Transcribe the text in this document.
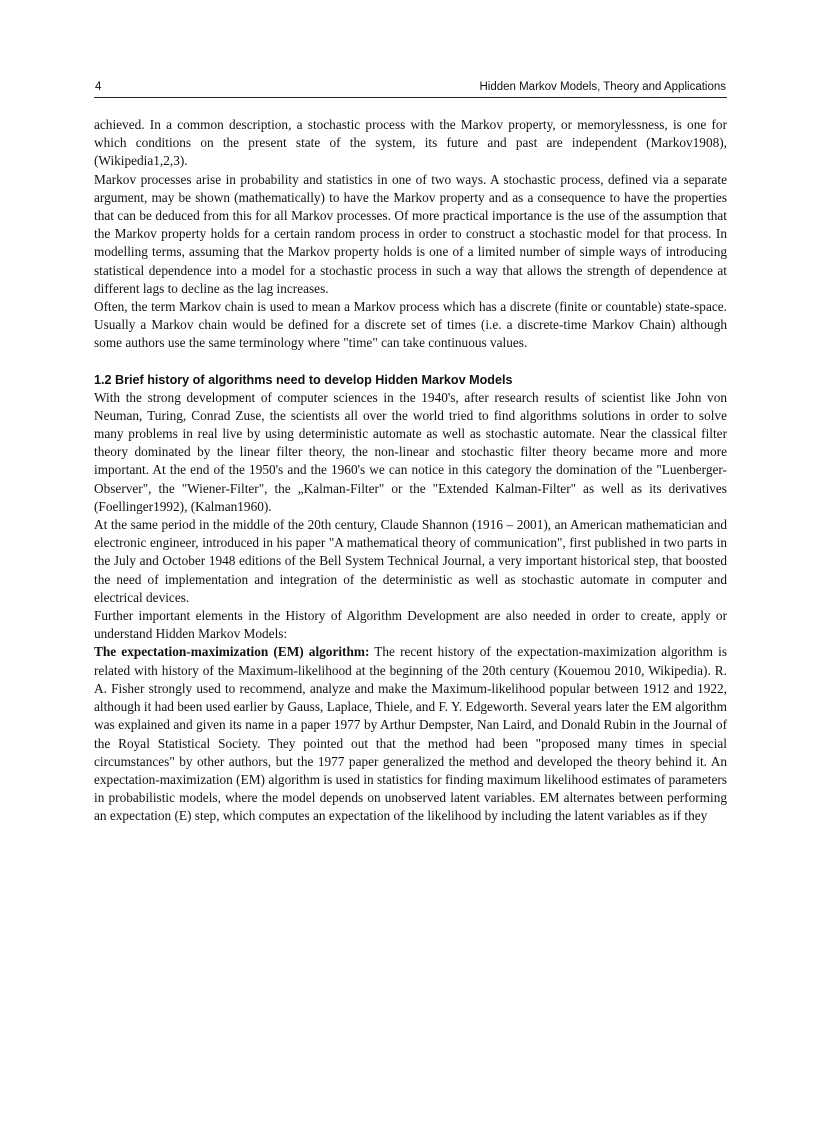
4	Hidden Markov Models, Theory and Applications

achieved. In a common description, a stochastic process with the Markov property, or memorylessness, is one for which conditions on the present state of the system, its future and past are independent (Markov1908),(Wikipedia1,2,3).

Markov processes arise in probability and statistics in one of two ways. A stochastic process, defined via a separate argument, may be shown (mathematically) to have the Markov property and as a consequence to have the properties that can be deduced from this for all Markov processes. Of more practical importance is the use of the assumption that the Markov property holds for a certain random process in order to construct a stochastic model for that process. In modelling terms, assuming that the Markov property holds is one of a limited number of simple ways of introducing statistical dependence into a model for a stochastic process in such a way that allows the strength of dependence at different lags to decline as the lag increases.

Often, the term Markov chain is used to mean a Markov process which has a discrete (finite or countable) state-space. Usually a Markov chain would be defined for a discrete set of times (i.e. a discrete-time Markov Chain) although some authors use the same terminology where "time" can take continuous values.

1.2 Brief history of algorithms need to develop Hidden Markov Models

With the strong development of computer sciences in the 1940's, after research results of scientist like John von Neuman, Turing, Conrad Zuse, the scientists all over the world tried to find algorithms solutions in order to solve many problems in real live by using deterministic automate as well as stochastic automate. Near the classical filter theory dominated by the linear filter theory, the non-linear and stochastic filter theory became more and more important. At the end of the 1950's and the 1960's we can notice in this category the domination of the "Luenberger-Observer", the "Wiener-Filter", the „Kalman-Filter" or the "Extended Kalman-Filter" as well as its derivatives (Foellinger1992), (Kalman1960).

At the same period in the middle of the 20th century, Claude Shannon (1916 – 2001), an American mathematician and electronic engineer, introduced in his paper "A mathematical theory of communication", first published in two parts in the July and October 1948 editions of the Bell System Technical Journal, a very important historical step, that boosted the need of implementation and integration of the deterministic as well as stochastic automate in computer and electrical devices.

Further important elements in the History of Algorithm Development are also needed in order to create, apply or understand Hidden Markov Models:

The expectation-maximization (EM) algorithm: The recent history of the expectation-maximization algorithm is related with history of the Maximum-likelihood at the beginning of the 20th century (Kouemou 2010, Wikipedia). R. A. Fisher strongly used to recommend, analyze and make the Maximum-likelihood popular between 1912 and 1922, although it had been used earlier by Gauss, Laplace, Thiele, and F. Y. Edgeworth. Several years later the EM algorithm was explained and given its name in a paper 1977 by Arthur Dempster, Nan Laird, and Donald Rubin in the Journal of the Royal Statistical Society. They pointed out that the method had been "proposed many times in special circumstances" by other authors, but the 1977 paper generalized the method and developed the theory behind it. An expectation-maximization (EM) algorithm is used in statistics for finding maximum likelihood estimates of parameters in probabilistic models, where the model depends on unobserved latent variables. EM alternates between performing an expectation (E) step, which computes an expectation of the likelihood by including the latent variables as if they
